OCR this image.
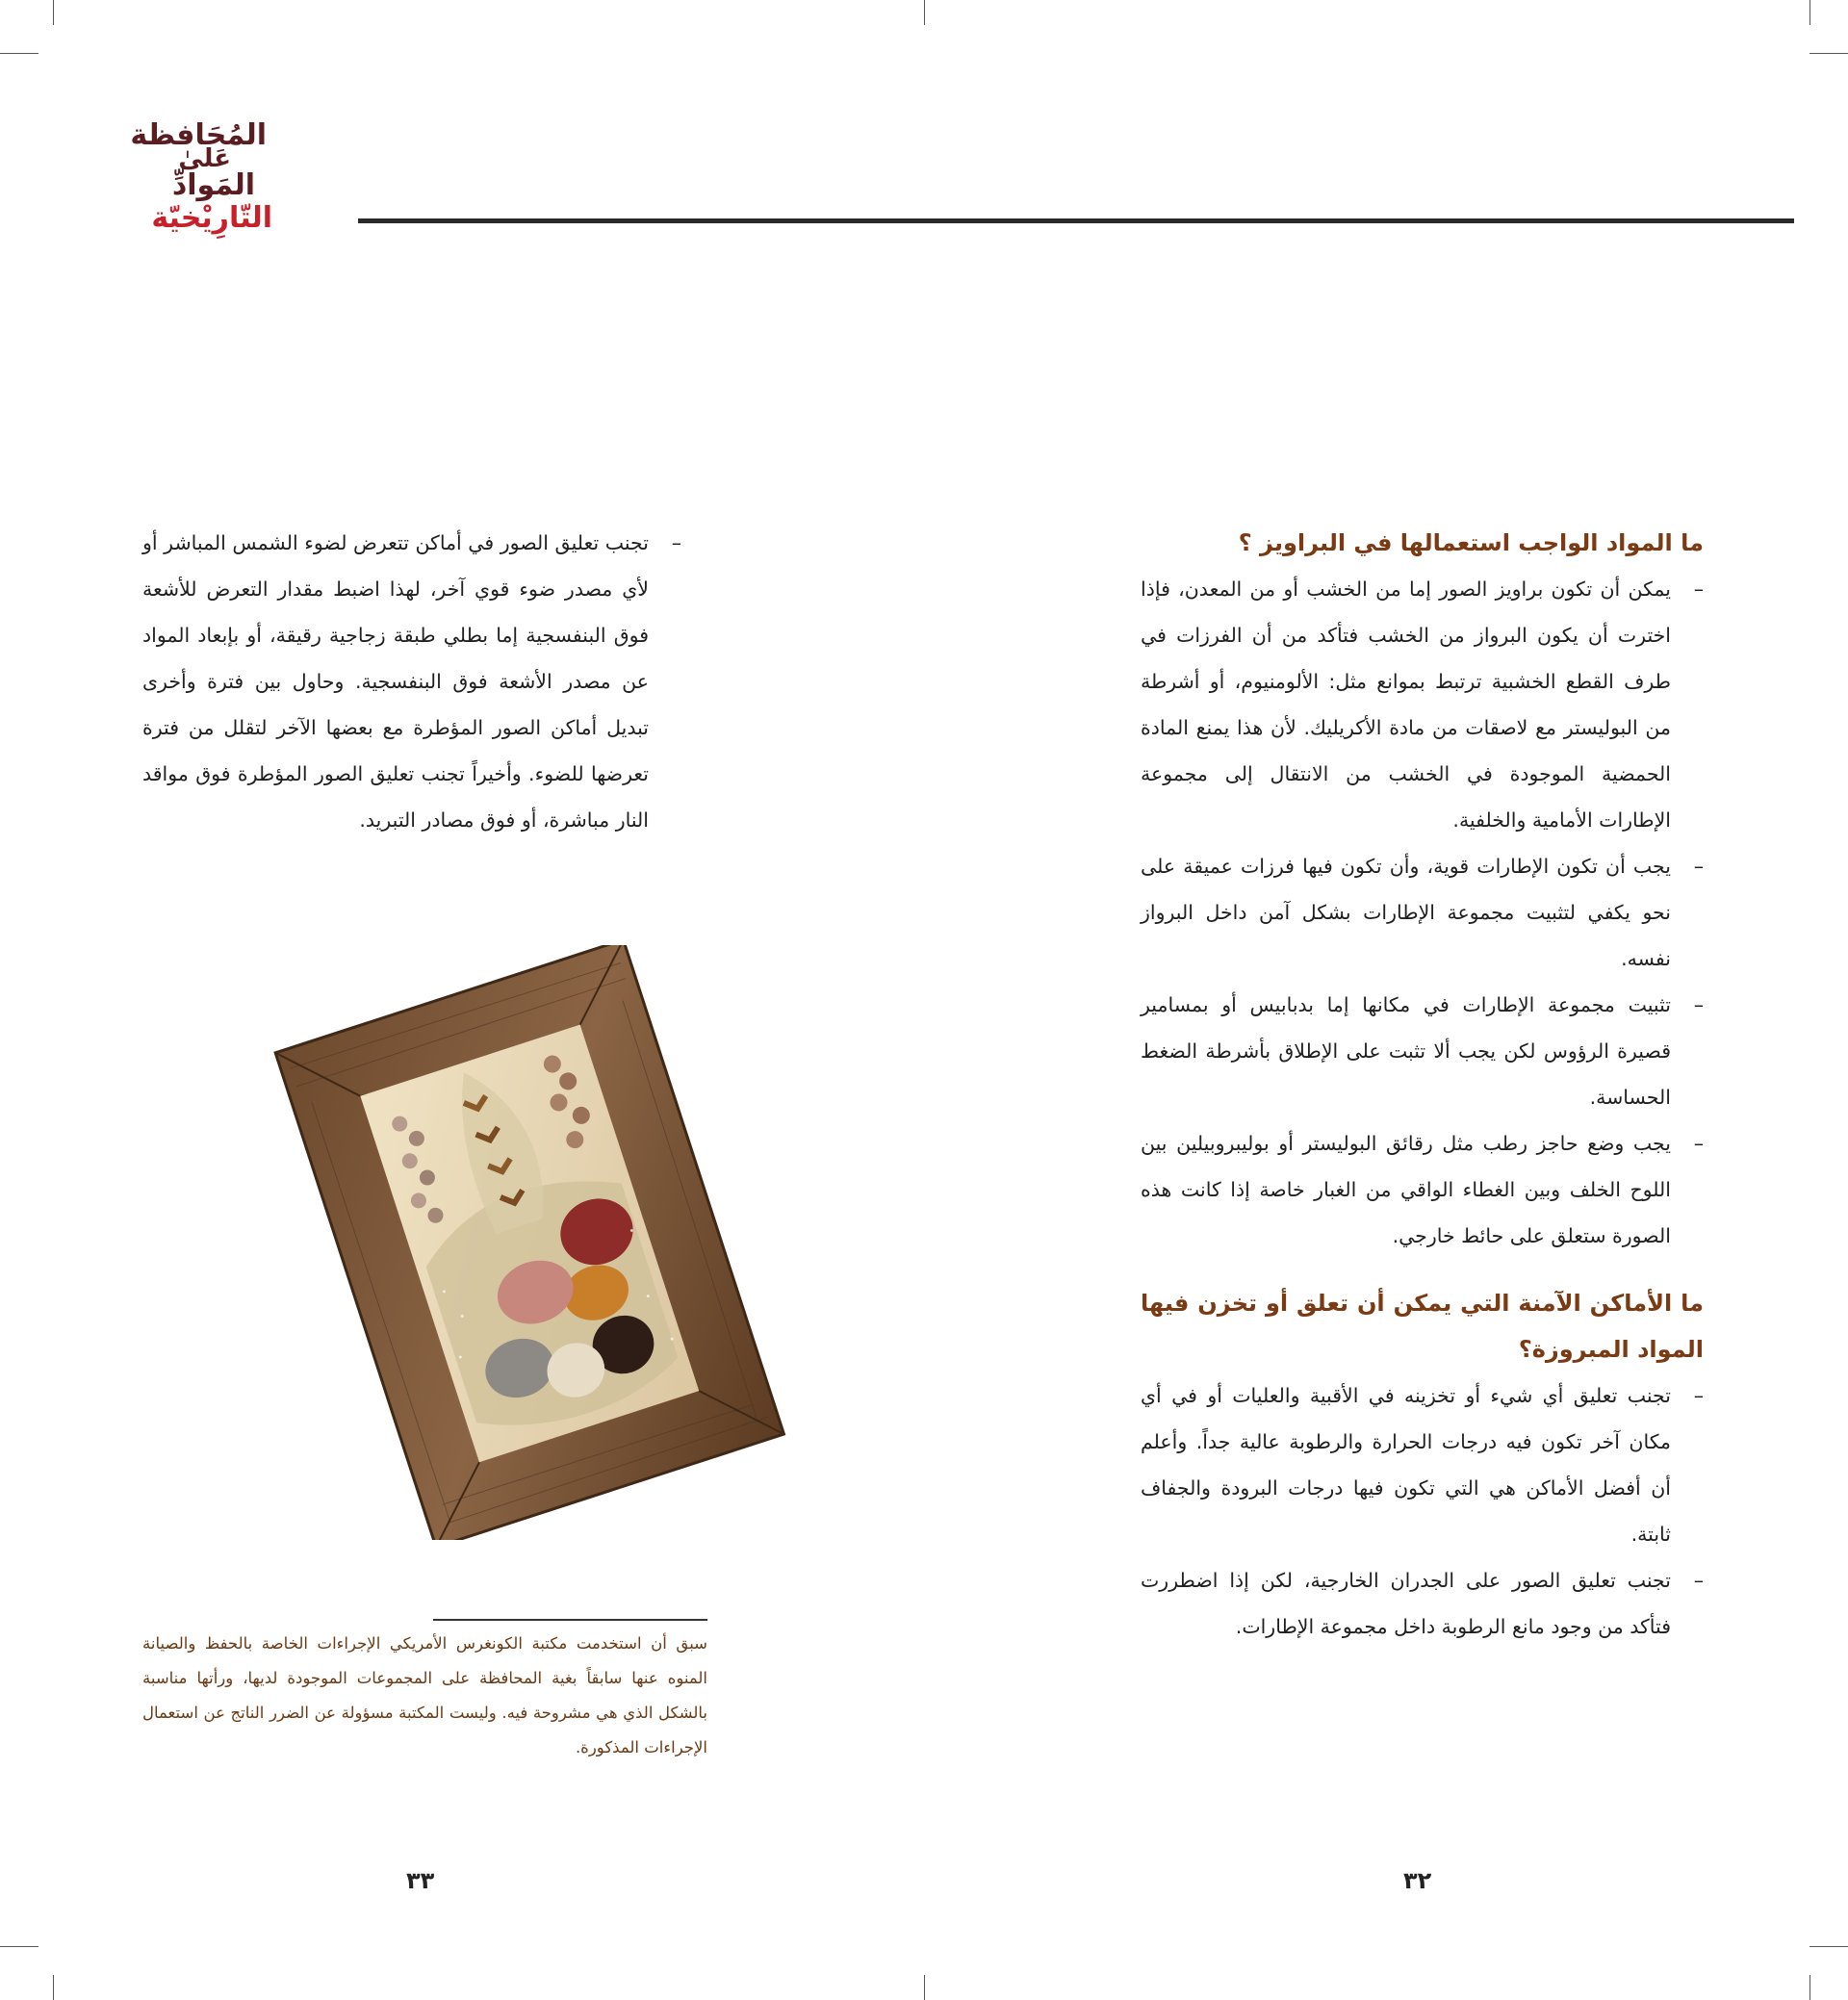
المُحَافظة
عَلىٰ
المَوادِّ
التّارِيْخيّة
ما المواد الواجب استعمالها في البراويز ؟
–
يمكن أن تكون براويز الصور إما من الخشب أو من المعدن، فإذا اخترت أن يكون البرواز من الخشب فتأكد من أن الفرزات في طرف القطع الخشبية ترتبط بموانع مثل: الألومنيوم، أو أشرطة من البوليستر مع لاصقات من مادة الأكريليك. لأن هذا يمنع المادة الحمضية الموجودة في الخشب من الانتقال إلى مجموعة الإطارات الأمامية والخلفية.
–
يجب أن تكون الإطارات قوية، وأن تكون فيها فرزات عميقة على نحو يكفي لتثبيت مجموعة الإطارات بشكل آمن داخل البرواز نفسه.
–
تثبيت مجموعة الإطارات في مكانها إما بدبابيس أو بمسامير قصيرة الرؤوس لكن يجب ألا تثبت على الإطلاق بأشرطة الضغط الحساسة.
–
يجب وضع حاجز رطب مثل رقائق البوليستر أو بوليبروبيلين بين اللوح الخلف وبين الغطاء الواقي من الغبار خاصة إذا كانت هذه الصورة ستعلق على حائط خارجي.
ما الأماكن الآمنة التي يمكن أن تعلق أو تخزن فيها المواد المبروزة؟
–
تجنب تعليق أي شيء أو تخزينه في الأقبية والعليات أو في أي مكان آخر تكون فيه درجات الحرارة والرطوبة عالية جداً. وأعلم أن أفضل الأماكن هي التي تكون فيها درجات البرودة والجفاف ثابتة.
–
تجنب تعليق الصور على الجدران الخارجية، لكن إذا اضطررت فتأكد من وجود مانع الرطوبة داخل مجموعة الإطارات.
–
تجنب تعليق الصور في أماكن تتعرض لضوء الشمس المباشر أو لأي مصدر ضوء قوي آخر، لهذا اضبط مقدار التعرض للأشعة فوق البنفسجية إما بطلي طبقة زجاجية رقيقة، أو بإبعاد المواد عن مصدر الأشعة فوق البنفسجية. وحاول بين فترة وأخرى تبديل أماكن الصور المؤطرة مع بعضها الآخر لتقلل من فترة تعرضها للضوء. وأخيراً تجنب تعليق الصور المؤطرة فوق مواقد النار مباشرة، أو فوق مصادر التبريد.
سبق أن استخدمت مكتبة الكونغرس الأمريكي الإجراءات الخاصة بالحفظ والصيانة المنوه عنها سابقاً بغية المحافظة على المجموعات الموجودة لديها، ورأتها مناسبة بالشكل الذي هي مشروحة فيه. وليست المكتبة مسؤولة عن الضرر الناتج عن استعمال الإجراءات المذكورة.
٣٢
٣٣
